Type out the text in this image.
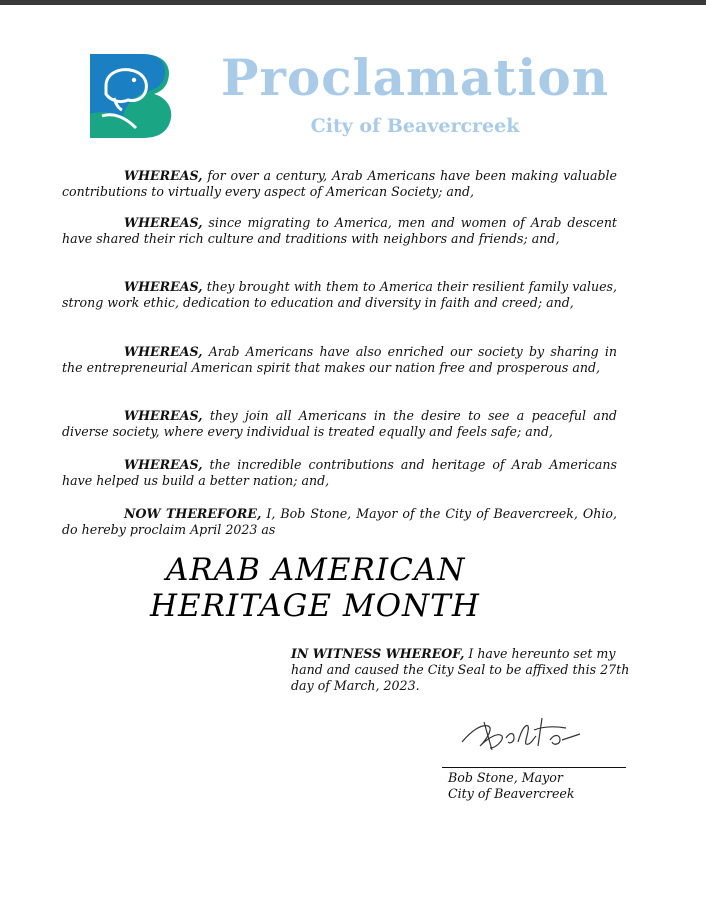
Proclamation
City of Beavercreek

WHEREAS, for over a century, Arab Americans have been making valuable contributions to virtually every aspect of American Society; and,

WHEREAS, since migrating to America, men and women of Arab descent have shared their rich culture and traditions with neighbors and friends; and,

WHEREAS, they brought with them to America their resilient family values, strong work ethic, dedication to education and diversity in faith and creed; and,

WHEREAS, Arab Americans have also enriched our society by sharing in the entrepreneurial American spirit that makes our nation free and prosperous and,

WHEREAS, they join all Americans in the desire to see a peaceful and diverse society, where every individual is treated equally and feels safe; and,

WHEREAS, the incredible contributions and heritage of Arab Americans have helped us build a better nation; and,

NOW THEREFORE, I, Bob Stone, Mayor of the City of Beavercreek, Ohio, do hereby proclaim April 2023 as

ARAB AMERICAN
HERITAGE MONTH

IN WITNESS WHEREOF, I have hereunto set my hand and caused the City Seal to be affixed this 27th day of March, 2023.

Bob Stone, Mayor
City of Beavercreek
